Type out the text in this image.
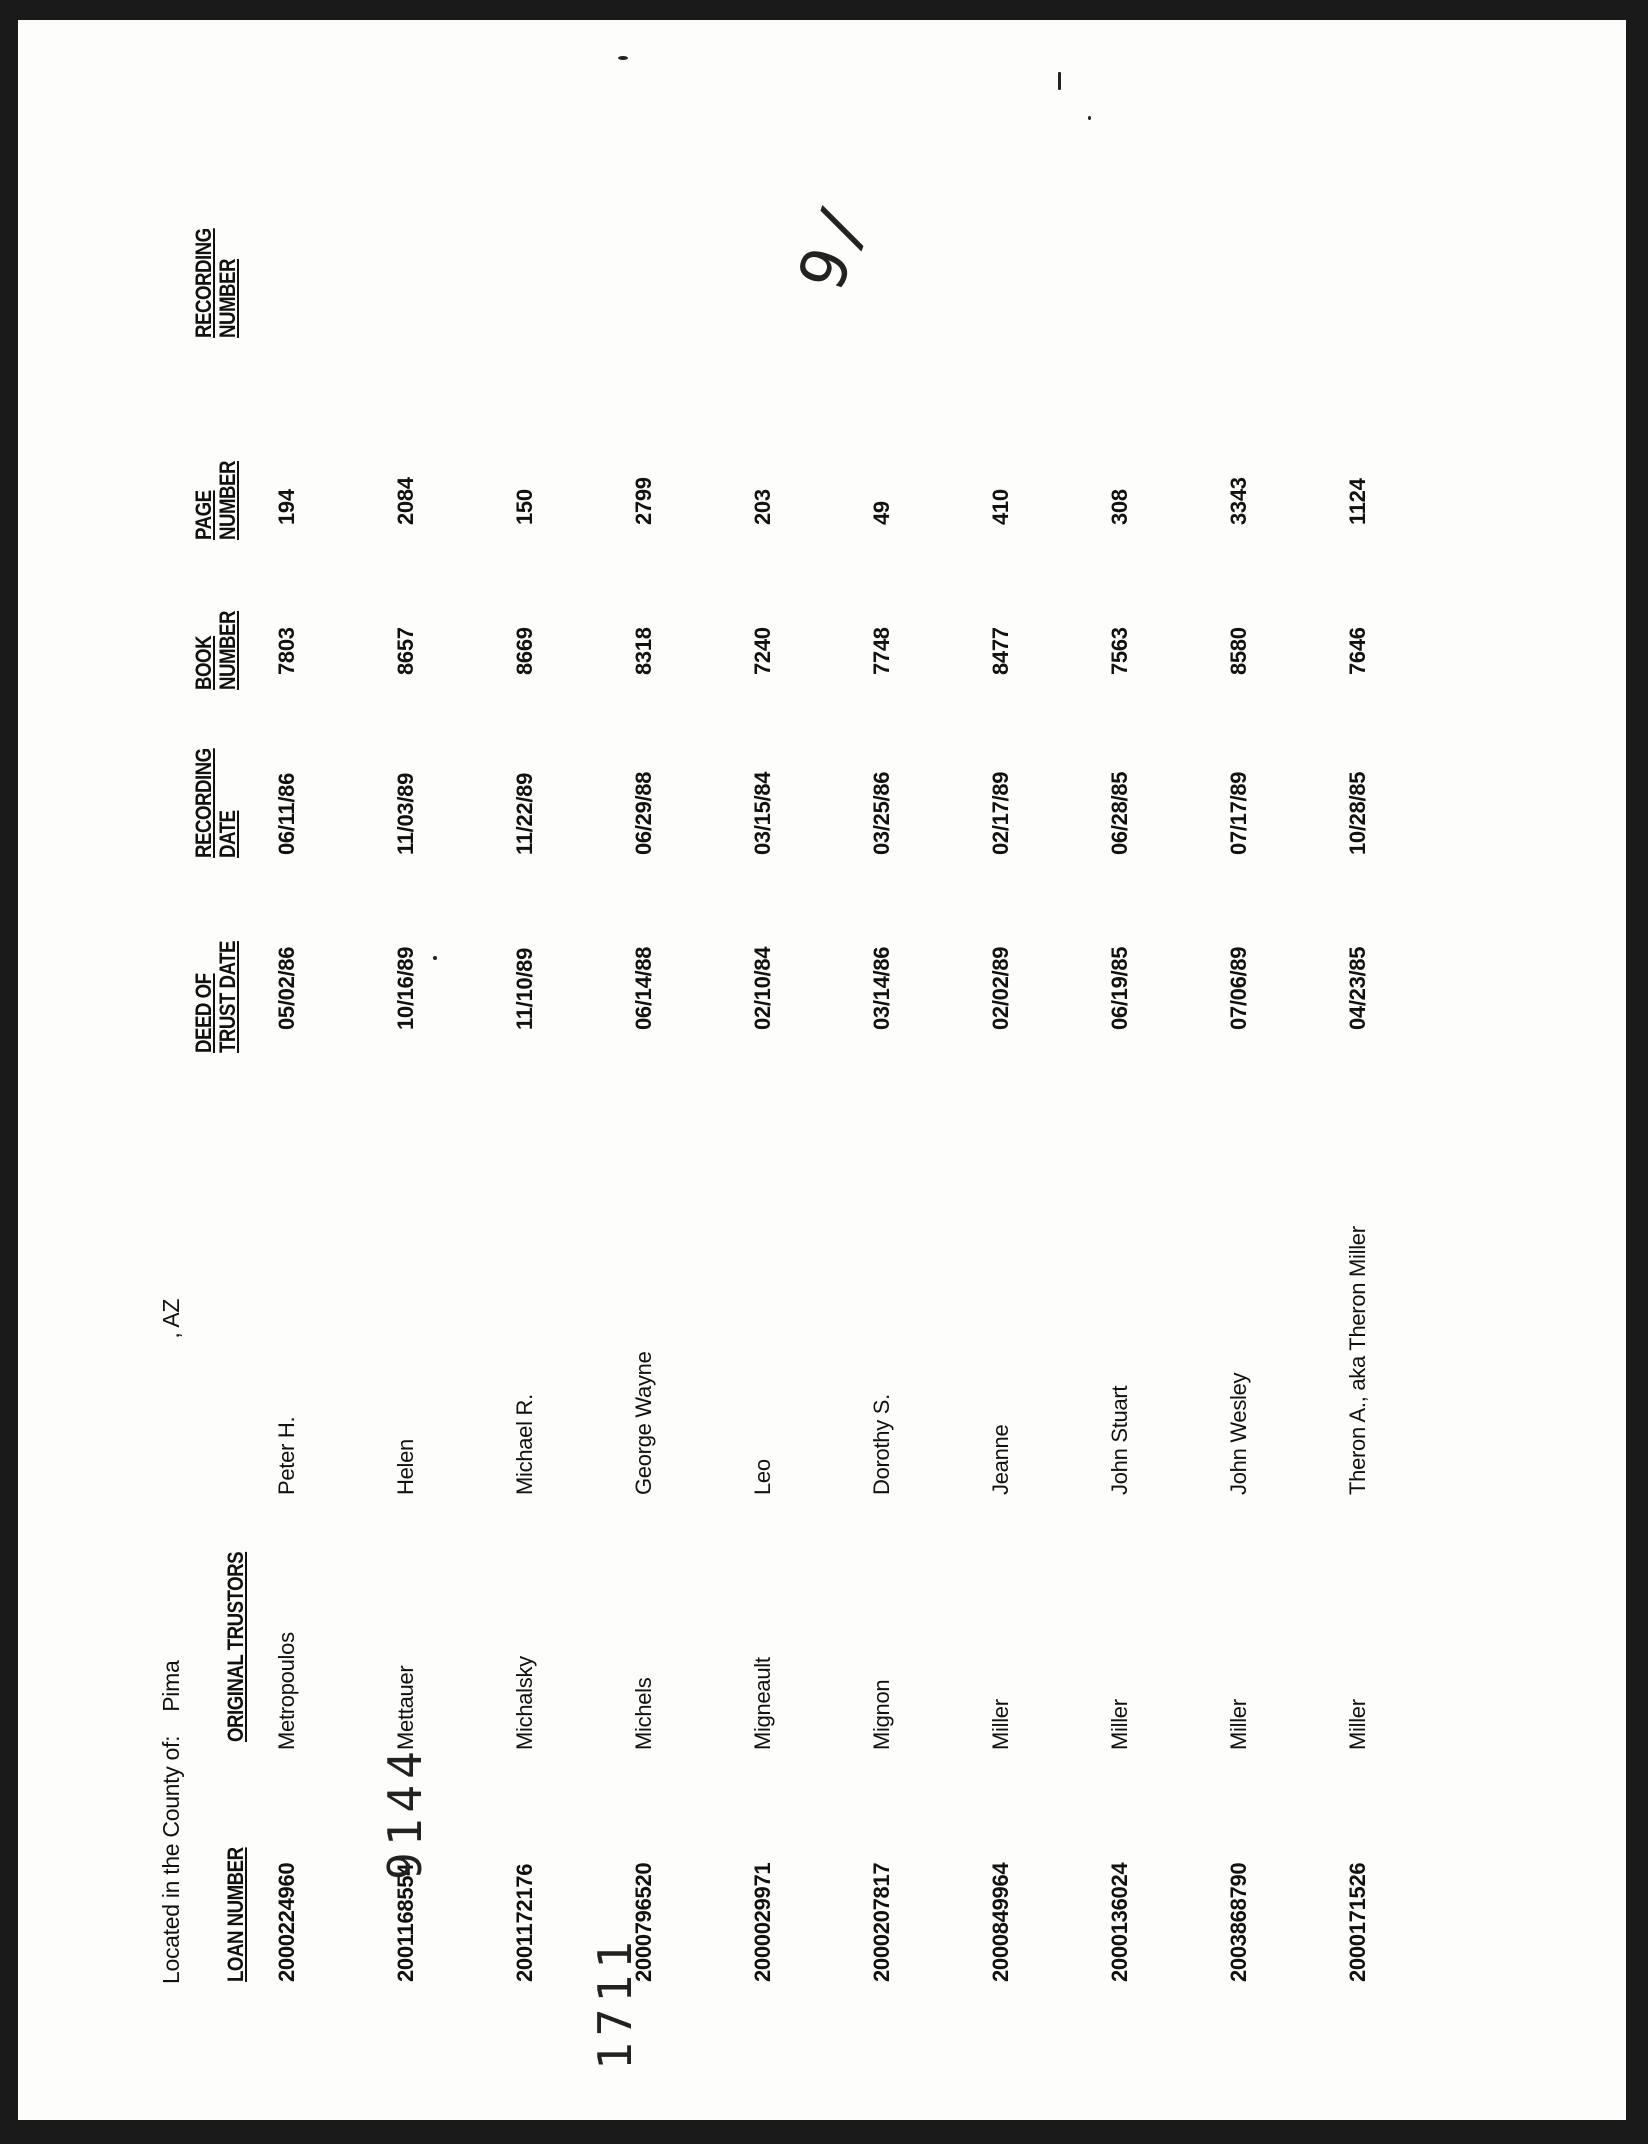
Located in the County of:Pima, AZ
LOAN NUMBER
ORIGINAL TRUSTORS
DEED OF
TRUST DATE
RECORDING
DATE
BOOK
NUMBER
PAGE
NUMBER
RECORDING
NUMBER
2000224960
Metropoulos
Peter H.
05/02/86
06/11/86
7803
194
2001168554
Mettauer
Helen
10/16/89
11/03/89
8657
2084
2001172176
Michalsky
Michael R.
11/10/89
11/22/89
8669
150
2000796520
Michels
George Wayne
06/14/88
06/29/88
8318
2799
2000029971
Migneault
Leo
02/10/84
03/15/84
7240
203
2000207817
Mignon
Dorothy S.
03/14/86
03/25/86
7748
49
2000849964
Miller
Jeanne
02/02/89
02/17/89
8477
410
2000136024
Miller
John Stuart
06/19/85
06/28/85
7563
308
2003868790
Miller
John Wesley
07/06/89
07/17/89
8580
3343
2000171526
Miller
Theron A., aka Theron Miller
04/23/85
10/28/85
7646
1124
9144
1711
9/
